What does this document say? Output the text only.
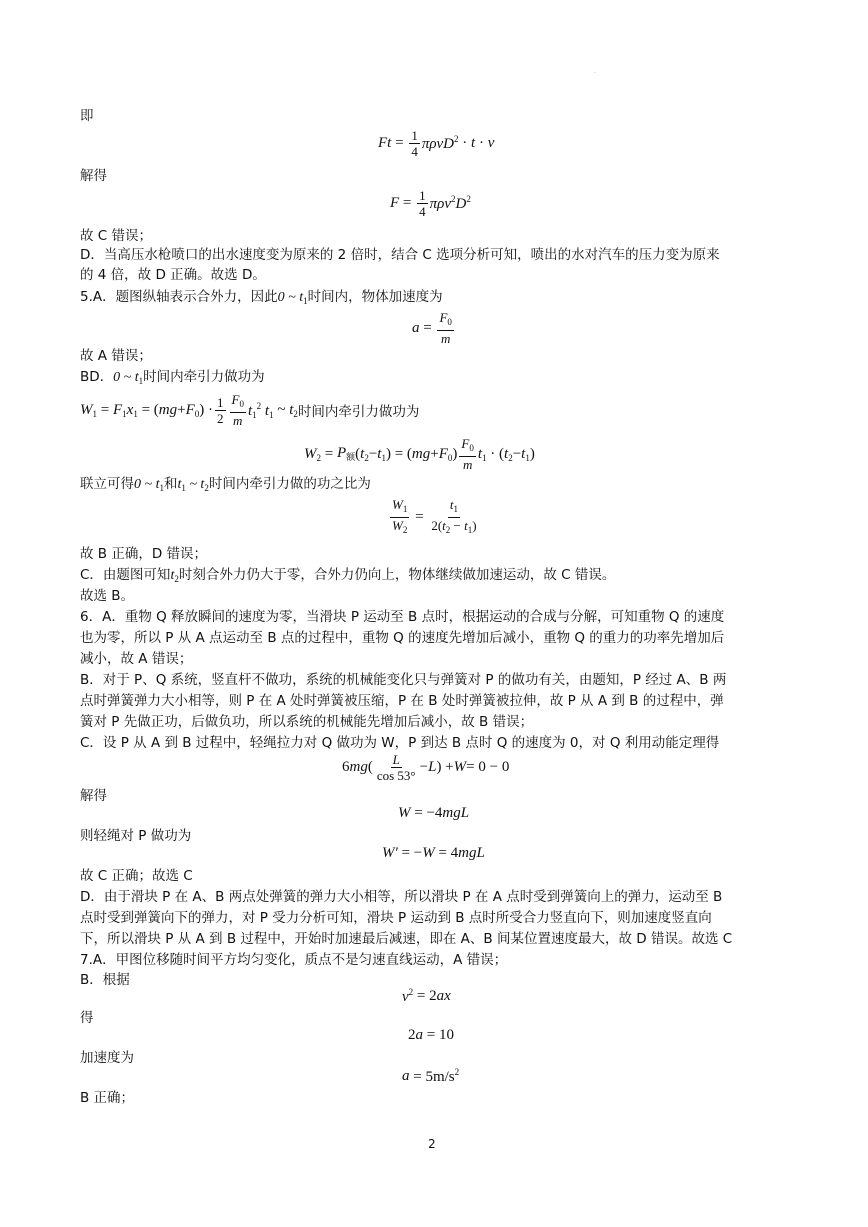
·
即
$Ft = \frac{1}{4} \pi\rho vD^2 \cdot t \cdot v$
解得
$F = \frac{1}{4} \pi\rho v^2D^2$
故 C 错误；
D．当高压水枪喷口的出水速度变为原来的 2 倍时，结合 C 选项分析可知，喷出的水对汽车的压力变为原来
的 4 倍，故 D 正确。故选 D。
5.A．题图纵轴表示合外力，因此0 ~ $t_1$时间内，物体加速度为
$a = \frac{F_0}{m}$
故 A 错误；
BD．0 ~ $t_1$时间内牵引力做功为
$W_1 = F_1x_1$ = ( mg + $F_0$ ) · $\frac{1}{2} \frac{F_0}{m} t_1^2$ $t_1$ ~ $t_2$ 时间内牵引力做功为
$W_2 = P_额$ ( $t_2 - t_1$ ) = ( mg + $F_0$ ) $\frac{F_0}{m} t_1$ · ( $t_2 - t_1$ )
联立可得0 ~ $t_1$和$t_1$ ~ $t_2$时间内牵引力做的功之比为
$\frac{W_1}{W_2} = \frac{t_1}{2(t_2 - t_1)}$
故 B 正确，D 错误；
C．由题图可知$t_2$时刻合外力仍大于零，合外力仍向上，物体继续做加速运动，故 C 错误。
故选 B。
6．A．重物 Q 释放瞬间的速度为零，当滑块 P 运动至 B 点时，根据运动的合成与分解，可知重物 Q 的速度
也为零，所以 P 从 A 点运动至 B 点的过程中，重物 Q 的速度先增加后减小，重物 Q 的重力的功率先增加后
减小，故 A 错误；
B．对于 P、Q 系统，竖直杆不做功，系统的机械能变化只与弹簧对 P 的做功有关，由题知，P 经过 A、B 两
点时弹簧弹力大小相等，则 P 在 A 处时弹簧被压缩，P 在 B 处时弹簧被拉伸，故 P 从 A 到 B 的过程中，弹
簧对 P 先做正功，后做负功，所以系统的机械能先增加后减小，故 B 错误；
C．设 P 从 A 到 B 过程中，轻绳拉力对 Q 做功为 W，P 到达 B 点时 Q 的速度为 0，对 Q 利用动能定理得
6 mg ( $\frac{L}{\cos 53^\circ} - L$ ) + W = 0 − 0
解得
W = −4 mgL
则轻绳对 P 做功为
W′ = − W = 4 mgL
故 C 正确；故选 C
D．由于滑块 P 在 A、B 两点处弹簧的弹力大小相等，所以滑块 P 在 A 点时受到弹簧向上的弹力，运动至 B
点时受到弹簧向下的弹力，对 P 受力分析可知，滑块 P 运动到 B 点时所受合力竖直向下，则加速度竖直向
下，所以滑块 P 从 A 到 B 过程中，开始时加速最后减速，即在 A、B 间某位置速度最大，故 D 错误。故选 C
7.A．甲图位移随时间平方均匀变化，质点不是匀速直线运动，A 错误；
B．根据
$v^2 = 2$ ax
得
2 a = 10
加速度为
$a = 5m/s^2$
B 正确；
2
